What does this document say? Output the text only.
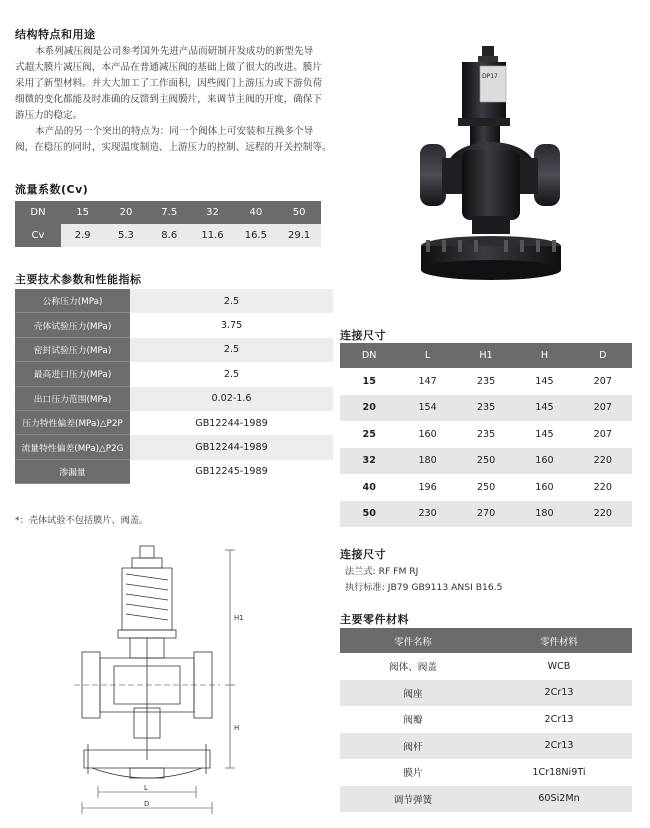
结构特点和用途
本系列减压阀是公司参考国外先进产品而研制开发成功的新型先导
式超大膜片减压阀，本产品在普通减压阀的基础上做了很大的改进。膜片
采用了新型材料。并大大加工了工作面积，因些阀门上游压力或下游负荷
细微的变化都能及时准确的反馈到主阀膜片，来调节主阀的开度，确保下
游压力的稳定。
本产品的另一个突出的特点为：同一个阀体上可安装和互换多个导
阀，在稳压的同时，实现温度制造、上游压力的控制、远程的开关控制等。
DP17
流量系数(Cv)
DN	15	20	7.5	32	40	50
Cv	2.9	5.3	8.6	11.6	16.5	29.1
主要技术参数和性能指标
公称压力(MPa)	2.5
壳体试验压力(MPa)	3.75
密封试验压力(MPa)	2.5
最高进口压力(MPa)	2.5
出口压力范围(MPa)	0.02-1.6
压力特性偏差(MPa)△P2P	GB12244-1989
流量特性偏差(MPa)△P2G	GB12244-1989
渗漏量	GB12245-1989
*：壳体试验不包括膜片、阀盖。
连接尺寸
DN	L	H1	H	D
15	147	235	145	207
20	154	235	145	207
25	160	235	145	207
32	180	250	160	220
40	196	250	160	220
50	230	270	180	220
连接尺寸
法兰式: RF FM RJ
执行标准: JB79 GB9113 ANSI B16.5
主要零件材料
零件名称	零件材料
阀体、阀盖	WCB
阀座	2Cr13
阀瓣	2Cr13
阀杆	2Cr13
膜片	1Cr18Ni9Ti
调节弹簧	60Si2Mn
H1
H
L
D
